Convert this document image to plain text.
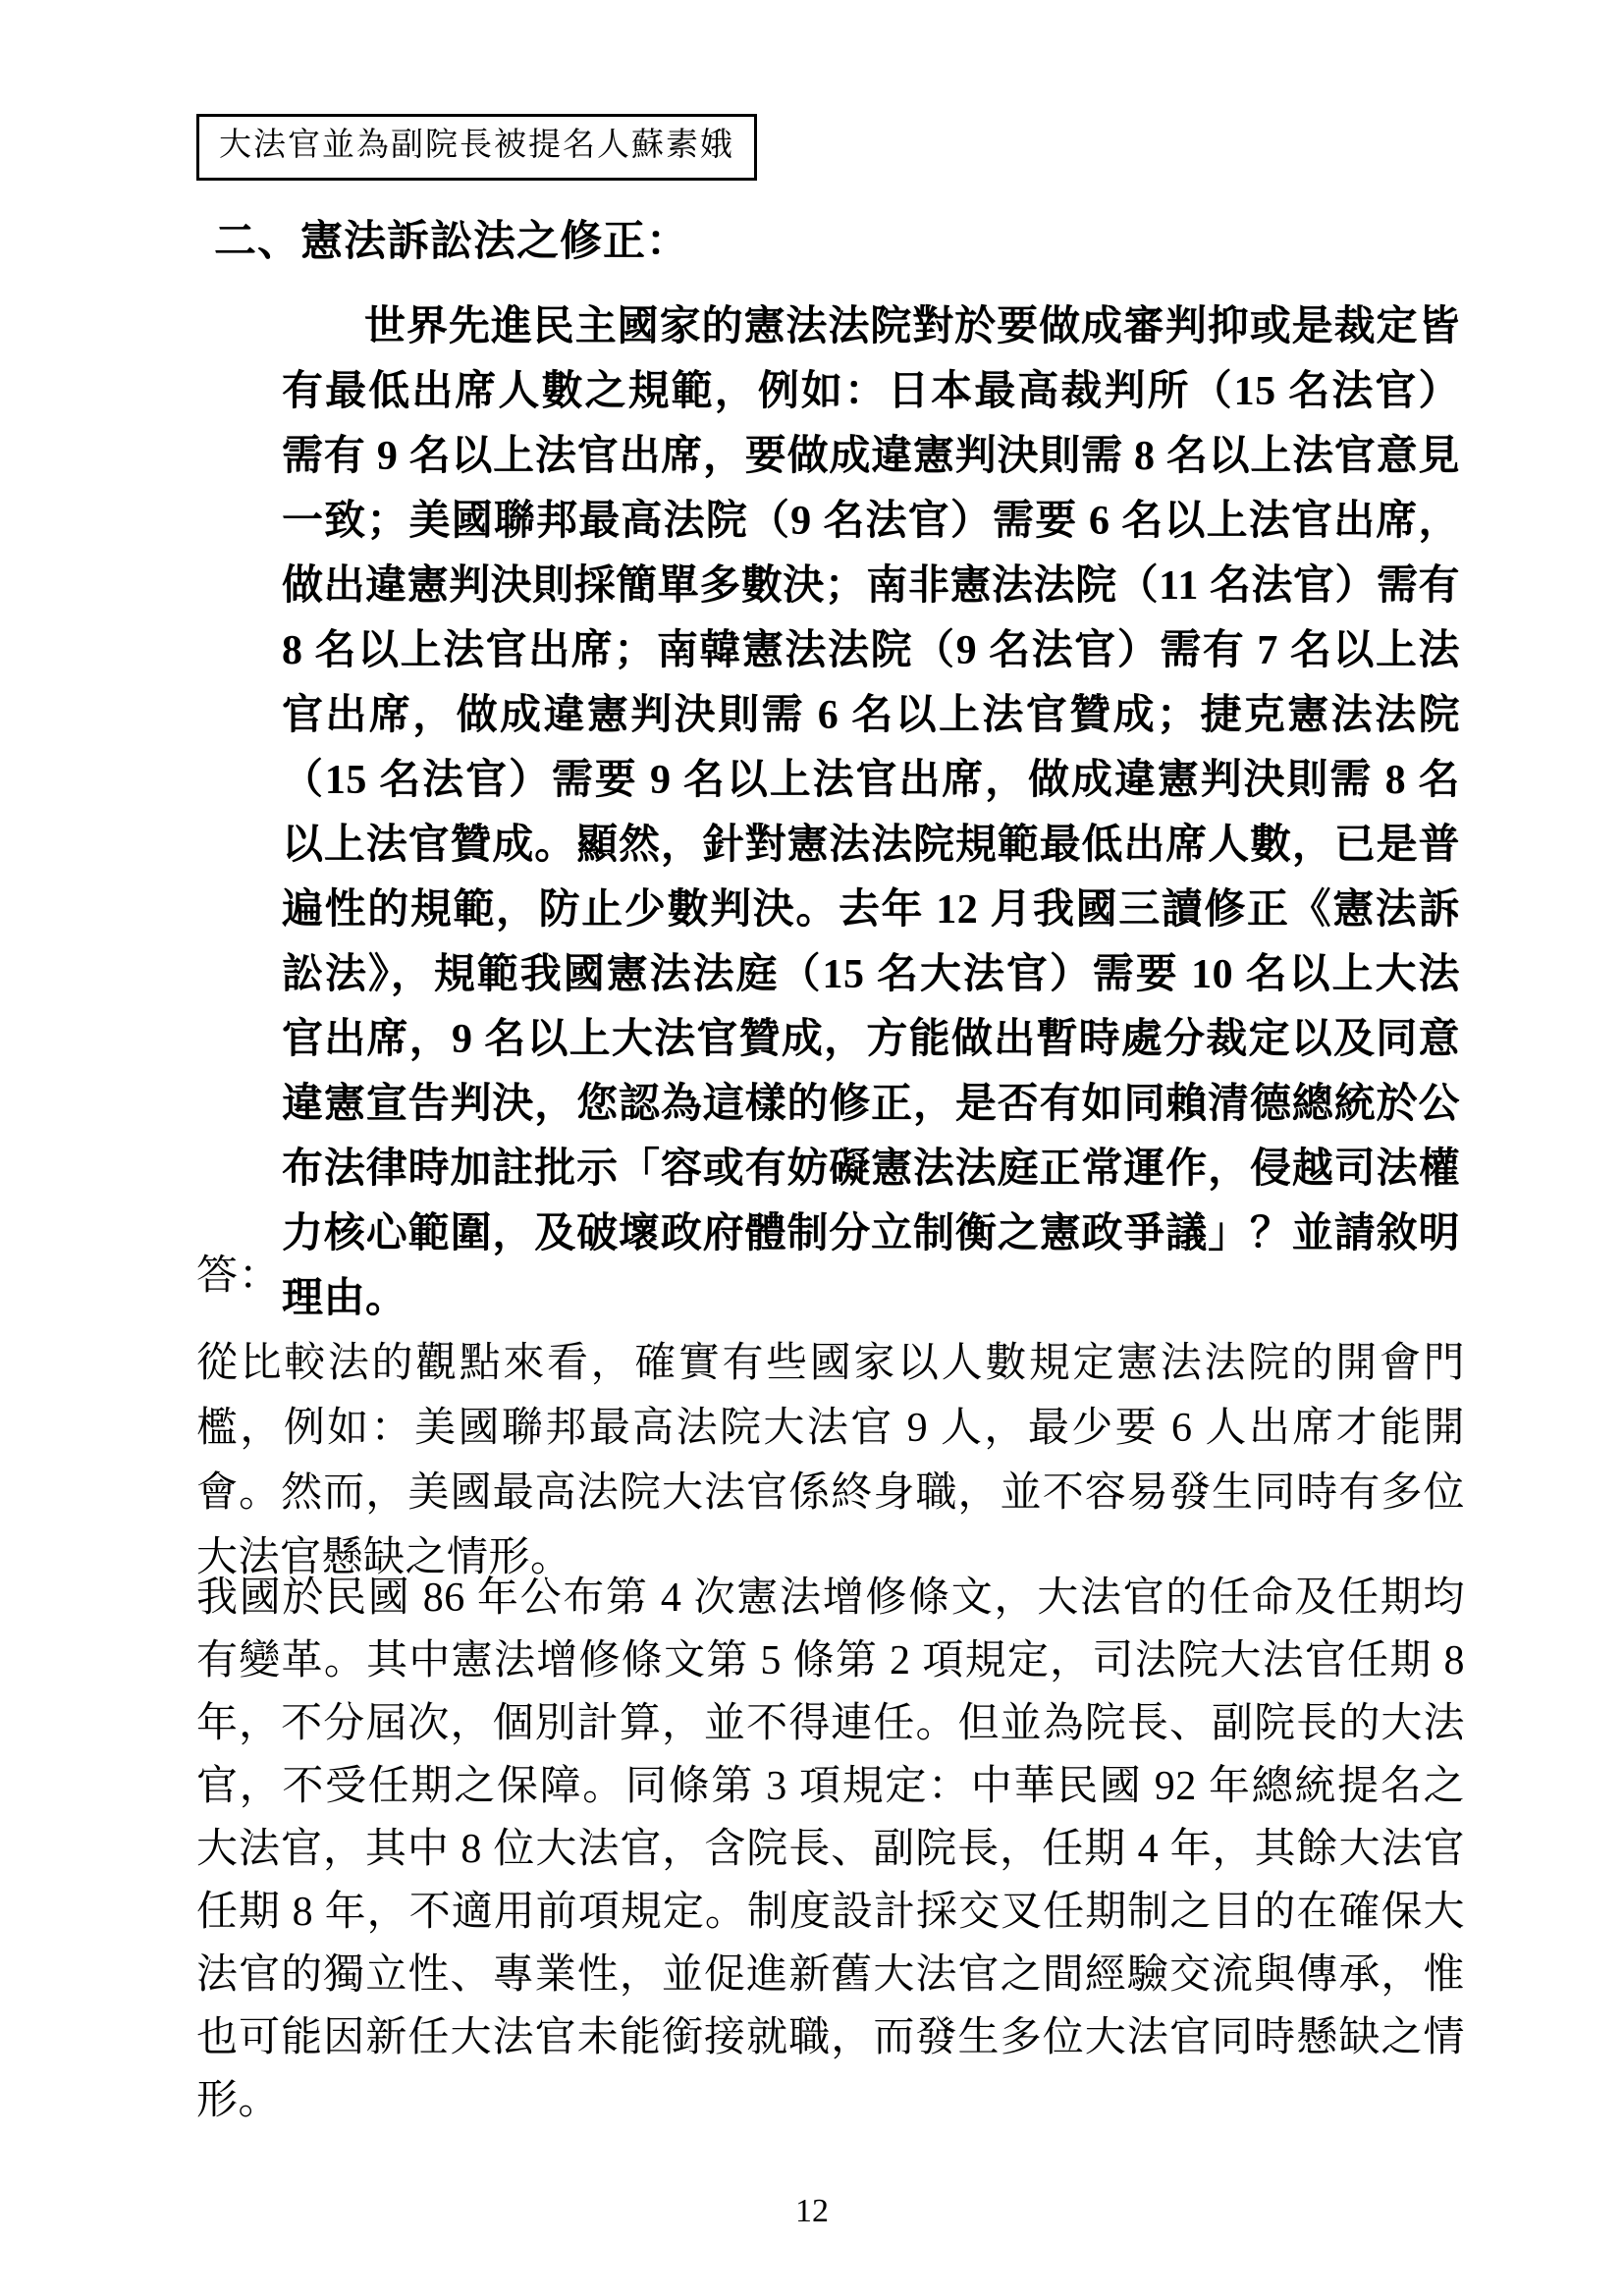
大法官並為副院長被提名人蘇素娥
二、憲法訴訟法之修正：

世界先進民主國家的憲法法院對於要做成審判抑或是裁定皆有最低出席人數之規範，例如：日本最高裁判所（15 名法官）需有 9 名以上法官出席，要做成違憲判決則需 8 名以上法官意見一致；美國聯邦最高法院（9 名法官）需要 6 名以上法官出席，做出違憲判決則採簡單多數決；南非憲法法院（11 名法官）需有 8 名以上法官出席；南韓憲法法院（9 名法官）需有 7 名以上法官出席，做成違憲判決則需 6 名以上法官贊成；捷克憲法法院（15 名法官）需要 9 名以上法官出席，做成違憲判決則需 8 名以上法官贊成。顯然，針對憲法法院規範最低出席人數，已是普遍性的規範，防止少數判決。去年 12 月我國三讀修正《憲法訴訟法》，規範我國憲法法庭（15 名大法官）需要 10 名以上大法官出席，9 名以上大法官贊成，方能做出暫時處分裁定以及同意違憲宣告判決，您認為這樣的修正，是否有如同賴清德總統於公布法律時加註批示「容或有妨礙憲法法庭正常運作，侵越司法權力核心範圍，及破壞政府體制分立制衡之憲政爭議」？並請敘明理由。

答：

從比較法的觀點來看，確實有些國家以人數規定憲法法院的開會門檻，例如：美國聯邦最高法院大法官 9 人，最少要 6 人出席才能開會。然而，美國最高法院大法官係終身職，並不容易發生同時有多位大法官懸缺之情形。

我國於民國 86 年公布第 4 次憲法增修條文，大法官的任命及任期均有變革。其中憲法增修條文第 5 條第 2 項規定，司法院大法官任期 8 年，不分屆次，個別計算，並不得連任。但並為院長、副院長的大法官，不受任期之保障。同條第 3 項規定：中華民國 92 年總統提名之大法官，其中 8 位大法官，含院長、副院長，任期 4 年，其餘大法官任期 8 年，不適用前項規定。制度設計採交叉任期制之目的在確保大法官的獨立性、專業性，並促進新舊大法官之間經驗交流與傳承，惟也可能因新任大法官未能銜接就職，而發生多位大法官同時懸缺之情形。

12
